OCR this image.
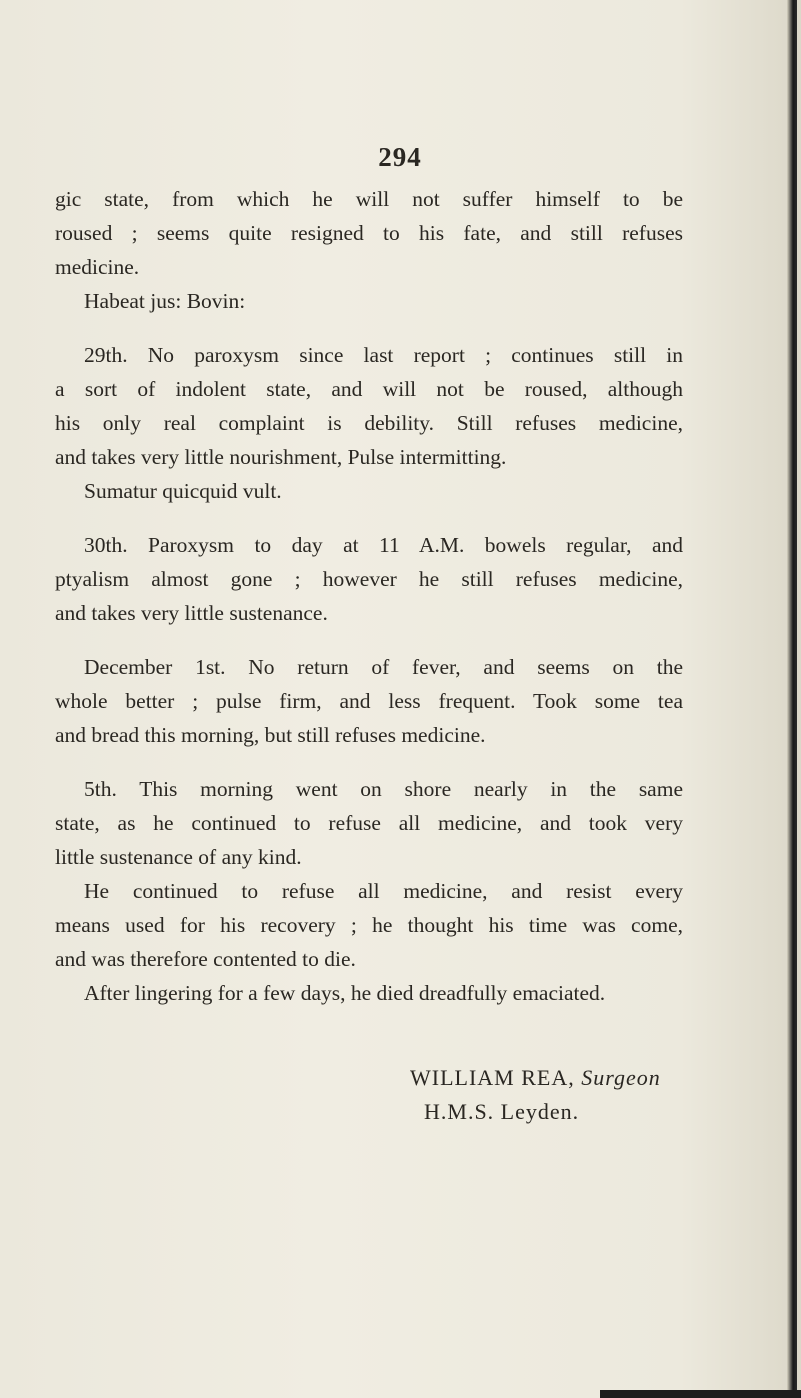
294
gic state, from which he will not suffer himself to be
roused ; seems quite resigned to his fate, and still refuses
medicine.
Habeat jus: Bovin:
29th. No paroxysm since last report ; continues still in
a sort of indolent state, and will not be roused, although
his only real complaint is debility. Still refuses medicine,
and takes very little nourishment, Pulse intermitting.
Sumatur quicquid vult.
30th. Paroxysm to day at 11 A.M. bowels regular, and
ptyalism almost gone ; however he still refuses medicine,
and takes very little sustenance.
December 1st. No return of fever, and seems on the
whole better ; pulse firm, and less frequent. Took some tea
and bread this morning, but still refuses medicine.
5th. This morning went on shore nearly in the same
state, as he continued to refuse all medicine, and took very
little sustenance of any kind.
He continued to refuse all medicine, and resist every
means used for his recovery ; he thought his time was come,
and was therefore contented to die.
After lingering for a few days, he died dreadfully emaciated.
WILLIAM REA, Surgeon
H.M.S. Leyden.
